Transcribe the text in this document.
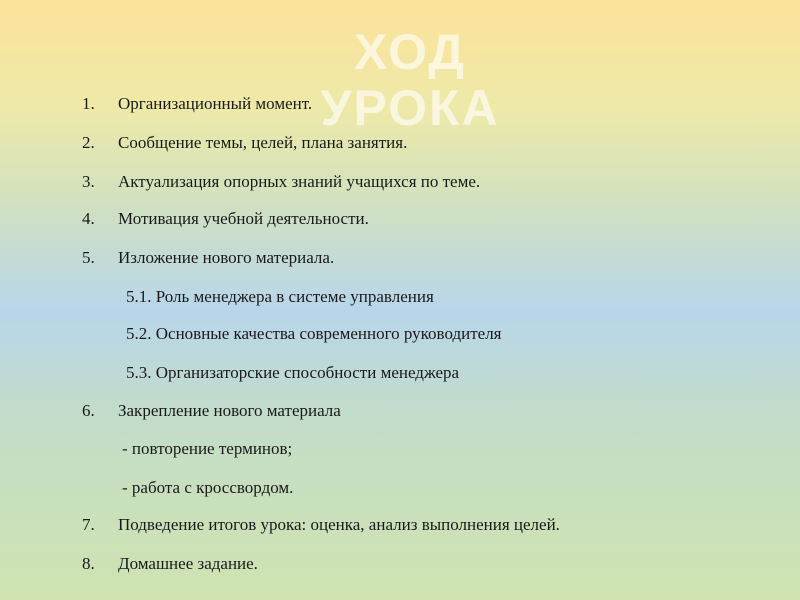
ХОД
УРОКА
1. Организационный момент.
2. Сообщение темы, целей, плана занятия.
3. Актуализация опорных знаний учащихся по теме.
4. Мотивация учебной деятельности.
5. Изложение нового материала.
5.1. Роль менеджера в системе управления
5.2. Основные качества современного руководителя
5.3. Организаторские способности менеджера
6. Закрепление нового материала
- повторение терминов;
- работа с кроссвордом.
7. Подведение итогов урока: оценка, анализ выполнения целей.
8. Домашнее задание.
